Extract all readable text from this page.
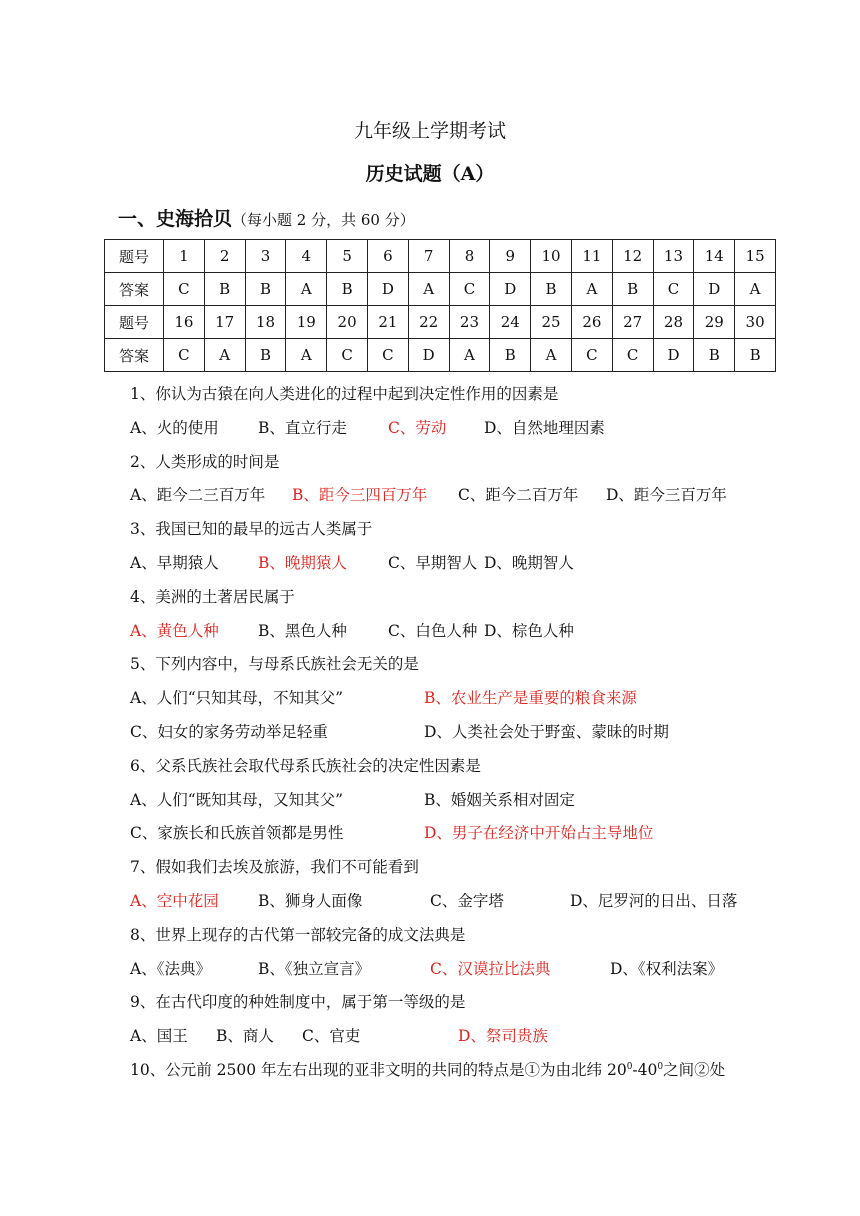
九年级上学期考试
历史试题（A）
一、史海拾贝（每小题 2 分，共 60 分）
题号	1	2	3	4	5	6	7	8	9	10	11	12	13	14	15
答案	C	B	B	A	B	D	A	C	D	B	A	B	C	D	A
题号	16	17	18	19	20	21	22	23	24	25	26	27	28	29	30
答案	C	A	B	A	C	C	D	A	B	A	C	C	D	B	B
1、你认为古猿在向人类进化的过程中起到决定性作用的因素是
A、火的使用	B、直立行走	C、劳动 D、自然地理因素
2、人类形成的时间是
A、距今二三百万年 B、距今三四百万年 C、距今二百万年 D、距今三百万年
3、我国已知的最早的远古人类属于
A、早期猿人	B、晚期猿人	C、早期智人 D、晚期智人
4、美洲的土著居民属于
A、黄色人种	B、黑色人种	C、白色人种 D、棕色人种
5、下列内容中，与母系氏族社会无关的是
A、人们“只知其母，不知其父”	B、农业生产是重要的粮食来源
C、妇女的家务劳动举足轻重	D、人类社会处于野蛮、蒙昧的时期
6、父系氏族社会取代母系氏族社会的决定性因素是
A、人们“既知其母，又知其父”	B、婚姻关系相对固定
C、家族长和氏族首领都是男性	D、男子在经济中开始占主导地位
7、假如我们去埃及旅游，我们不可能看到
A、空中花园	B、狮身人面像	C、金字塔	D、尼罗河的日出、日落
8、世界上现存的古代第一部较完备的成文法典是
A、《法典》	B、《独立宣言》	C、汉谟拉比法典	D、《权利法案》
9、在古代印度的种姓制度中，属于第一等级的是
A、国王 B、商人 C、官吏	D、祭司贵族
10、公元前 2500 年左右出现的亚非文明的共同的特点是①为由北纬 $20^0-40^0$之间②处
